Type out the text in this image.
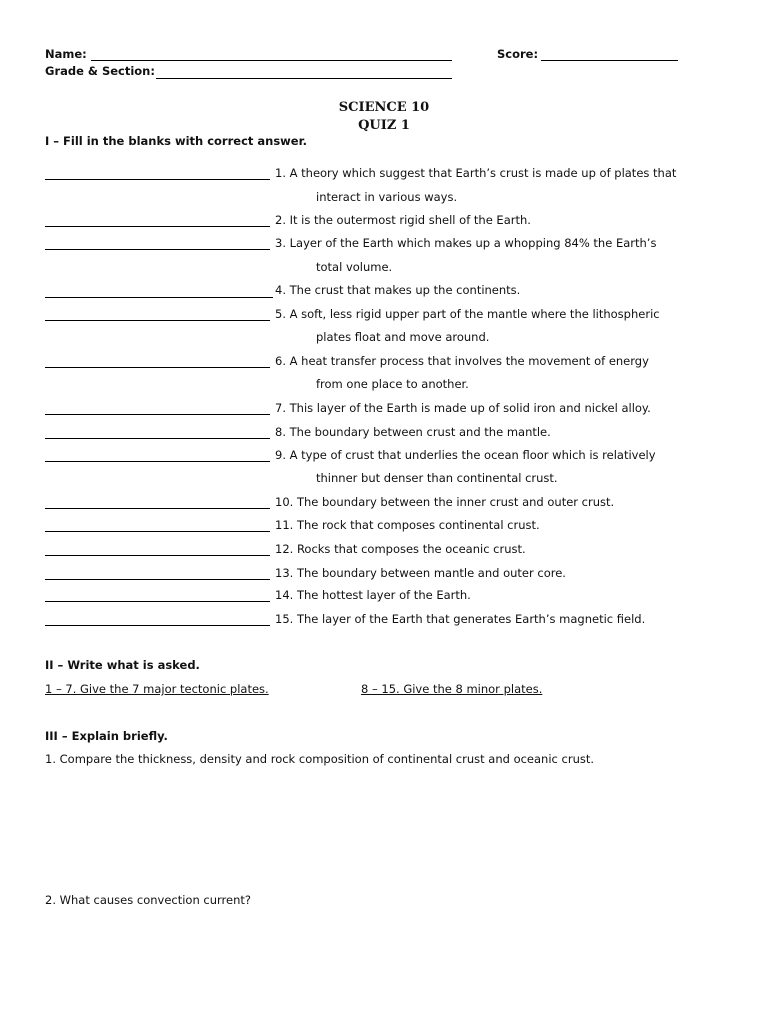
Name:	Score:
Grade & Section:
SCIENCE 10
QUIZ 1
I – Fill in the blanks with correct answer.
1. A theory which suggest that Earth’s crust is made up of plates that
interact in various ways.
2. It is the outermost rigid shell of the Earth.
3. Layer of the Earth which makes up a whopping 84% the Earth’s
total volume.
4. The crust that makes up the continents.
5. A soft, less rigid upper part of the mantle where the lithospheric
plates float and move around.
6. A heat transfer process that involves the movement of energy
from one place to another.
7. This layer of the Earth is made up of solid iron and nickel alloy.
8. The boundary between crust and the mantle.
9. A type of crust that underlies the ocean floor which is relatively
thinner but denser than continental crust.
10. The boundary between the inner crust and outer crust.
11. The rock that composes continental crust.
12. Rocks that composes the oceanic crust.
13. The boundary between mantle and outer core.
14. The hottest layer of the Earth.
15. The layer of the Earth that generates Earth’s magnetic field.
II – Write what is asked.
1 – 7. Give the 7 major tectonic plates.	8 – 15. Give the 8 minor plates.
III – Explain briefly.
1. Compare the thickness, density and rock composition of continental crust and oceanic crust.
2. What causes convection current?
